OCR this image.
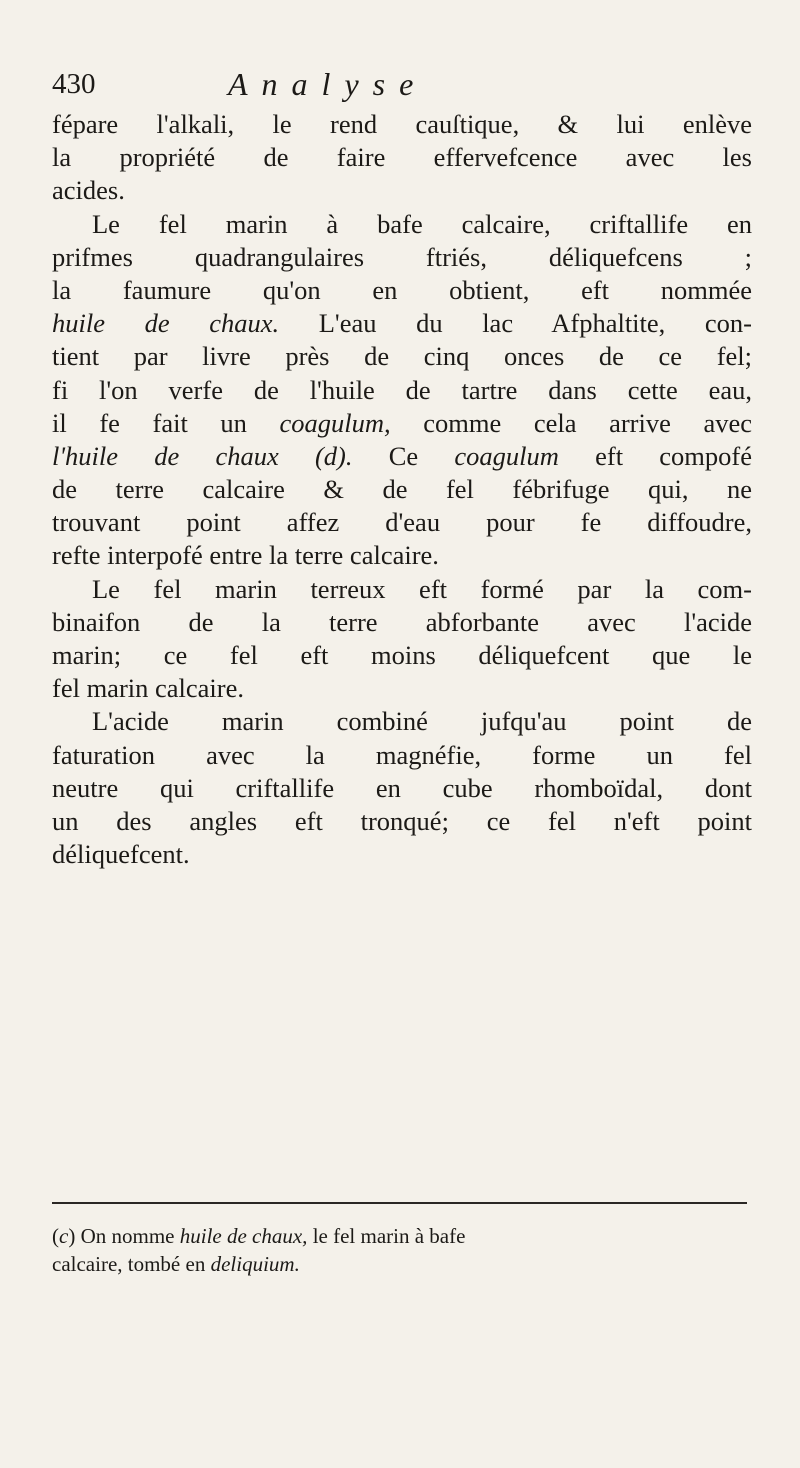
430	Analyse
fépare l'alkali, le rend cauſtique, & lui enlève
la propriété de faire effervefcence avec les
acides.
Le fel marin à bafe calcaire, criftallife en
prifmes quadrangulaires ftriés, déliquefcens ;
la faumure qu'on en obtient, eft nommée
huile de chaux. L'eau du lac Afphaltite, con-
tient par livre près de cinq onces de ce fel;
fi l'on verfe de l'huile de tartre dans cette eau,
il fe fait un coagulum, comme cela arrive avec
l'huile de chaux (d). Ce coagulum eft compofé
de terre calcaire & de fel fébrifuge qui, ne
trouvant point affez d'eau pour fe diffoudre,
refte interpofé entre la terre calcaire.
Le fel marin terreux eft formé par la com-
binaifon de la terre abforbante avec l'acide
marin; ce fel eft moins déliquefcent que le
fel marin calcaire.
L'acide marin combiné jufqu'au point de
faturation avec la magnéfie, forme un fel
neutre qui criftallife en cube rhomboïdal, dont
un des angles eft tronqué; ce fel n'eft point
déliquefcent.
(c) On nomme huile de chaux, le fel marin à bafe
calcaire, tombé en deliquium.
